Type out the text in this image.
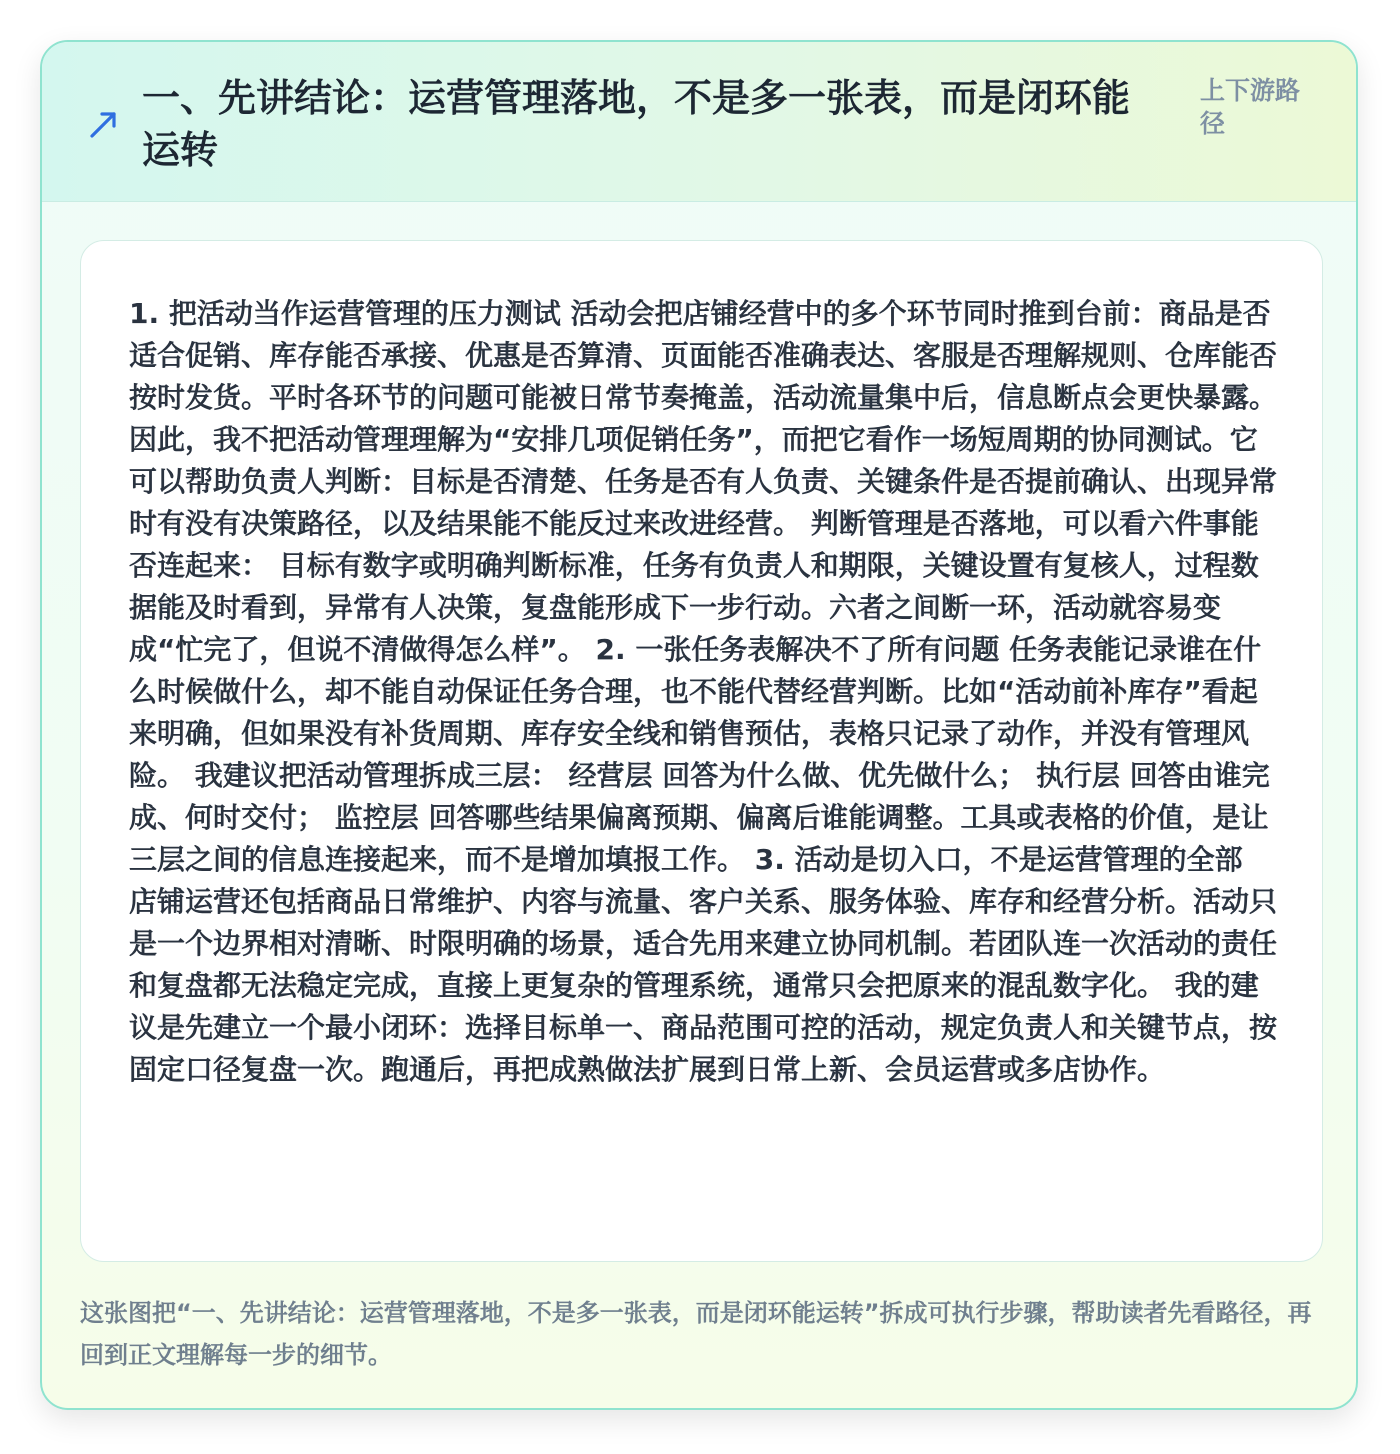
一、先讲结论：运营管理落地，不是多一张表，而是闭环能运转
上下游路径

1. 把活动当作运营管理的压力测试 活动会把店铺经营中的多个环节同时推到台前：商品是否适合促销、库存能否承接、优惠是否算清、页面能否准确表达、客服是否理解规则、仓库能否按时发货。平时各环节的问题可能被日常节奏掩盖，活动流量集中后，信息断点会更快暴露。 因此，我不把活动管理理解为“安排几项促销任务”，而把它看作一场短周期的协同测试。它可以帮助负责人判断：目标是否清楚、任务是否有人负责、关键条件是否提前确认、出现异常时有没有决策路径，以及结果能不能反过来改进经营。 判断管理是否落地，可以看六件事能否连起来： 目标有数字或明确判断标准，任务有负责人和期限，关键设置有复核人，过程数据能及时看到，异常有人决策，复盘能形成下一步行动。六者之间断一环，活动就容易变成“忙完了，但说不清做得怎么样”。 2. 一张任务表解决不了所有问题 任务表能记录谁在什么时候做什么，却不能自动保证任务合理，也不能代替经营判断。比如“活动前补库存”看起来明确，但如果没有补货周期、库存安全线和销售预估，表格只记录了动作，并没有管理风险。 我建议把活动管理拆成三层： 经营层 回答为什么做、优先做什么； 执行层 回答由谁完成、何时交付； 监控层 回答哪些结果偏离预期、偏离后谁能调整。工具或表格的价值，是让三层之间的信息连接起来，而不是增加填报工作。 3. 活动是切入口，不是运营管理的全部 店铺运营还包括商品日常维护、内容与流量、客户关系、服务体验、库存和经营分析。活动只是一个边界相对清晰、时限明确的场景，适合先用来建立协同机制。若团队连一次活动的责任和复盘都无法稳定完成，直接上更复杂的管理系统，通常只会把原来的混乱数字化。 我的建议是先建立一个最小闭环：选择目标单一、商品范围可控的活动，规定负责人和关键节点，按固定口径复盘一次。跑通后，再把成熟做法扩展到日常上新、会员运营或多店协作。

这张图把“一、先讲结论：运营管理落地，不是多一张表，而是闭环能运转”拆成可执行步骤，帮助读者先看路径，再回到正文理解每一步的细节。
